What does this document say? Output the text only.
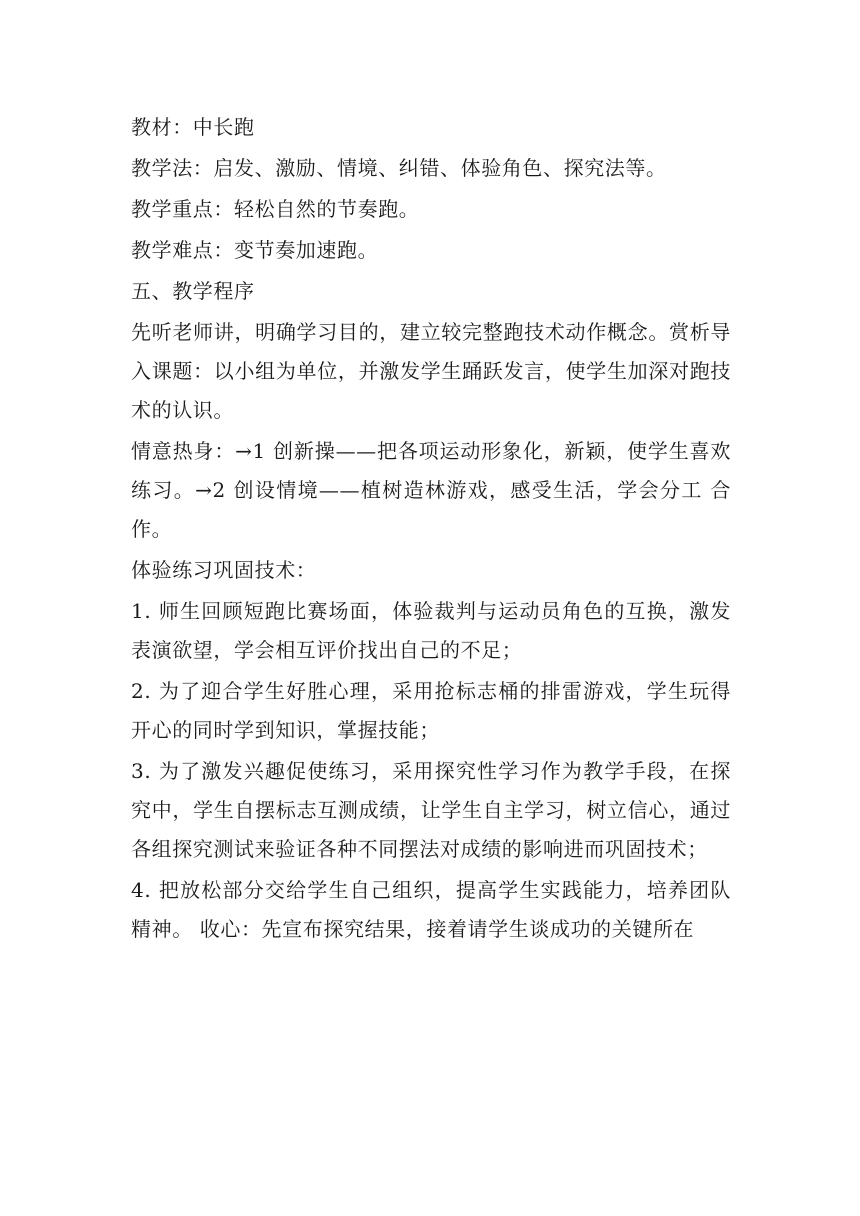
教材：中长跑

教学法：启发、激励、情境、纠错、体验角色、探究法等。

教学重点：轻松自然的节奏跑。

教学难点：变节奏加速跑。

五、教学程序

先听老师讲，明确学习目的，建立较完整跑技术动作概念。赏析导入课题：以小组为单位，并激发学生踊跃发言，使学生加深对跑技术的认识。

情意热身：→1 创新操——把各项运动形象化，新颖，使学生喜欢练习。→2 创设情境——植树造林游戏，感受生活，学会分工 合作。

体验练习巩固技术：

1. 师生回顾短跑比赛场面，体验裁判与运动员角色的互换，激发表演欲望，学会相互评价找出自己的不足；

2. 为了迎合学生好胜心理，采用抢标志桶的排雷游戏，学生玩得开心的同时学到知识，掌握技能；

3. 为了激发兴趣促使练习，采用探究性学习作为教学手段，在探究中，学生自摆标志互测成绩，让学生自主学习，树立信心，通过各组探究测试来验证各种不同摆法对成绩的影响进而巩固技术；

4. 把放松部分交给学生自己组织，提高学生实践能力，培养团队精神。 收心：先宣布探究结果，接着请学生谈成功的关键所在
